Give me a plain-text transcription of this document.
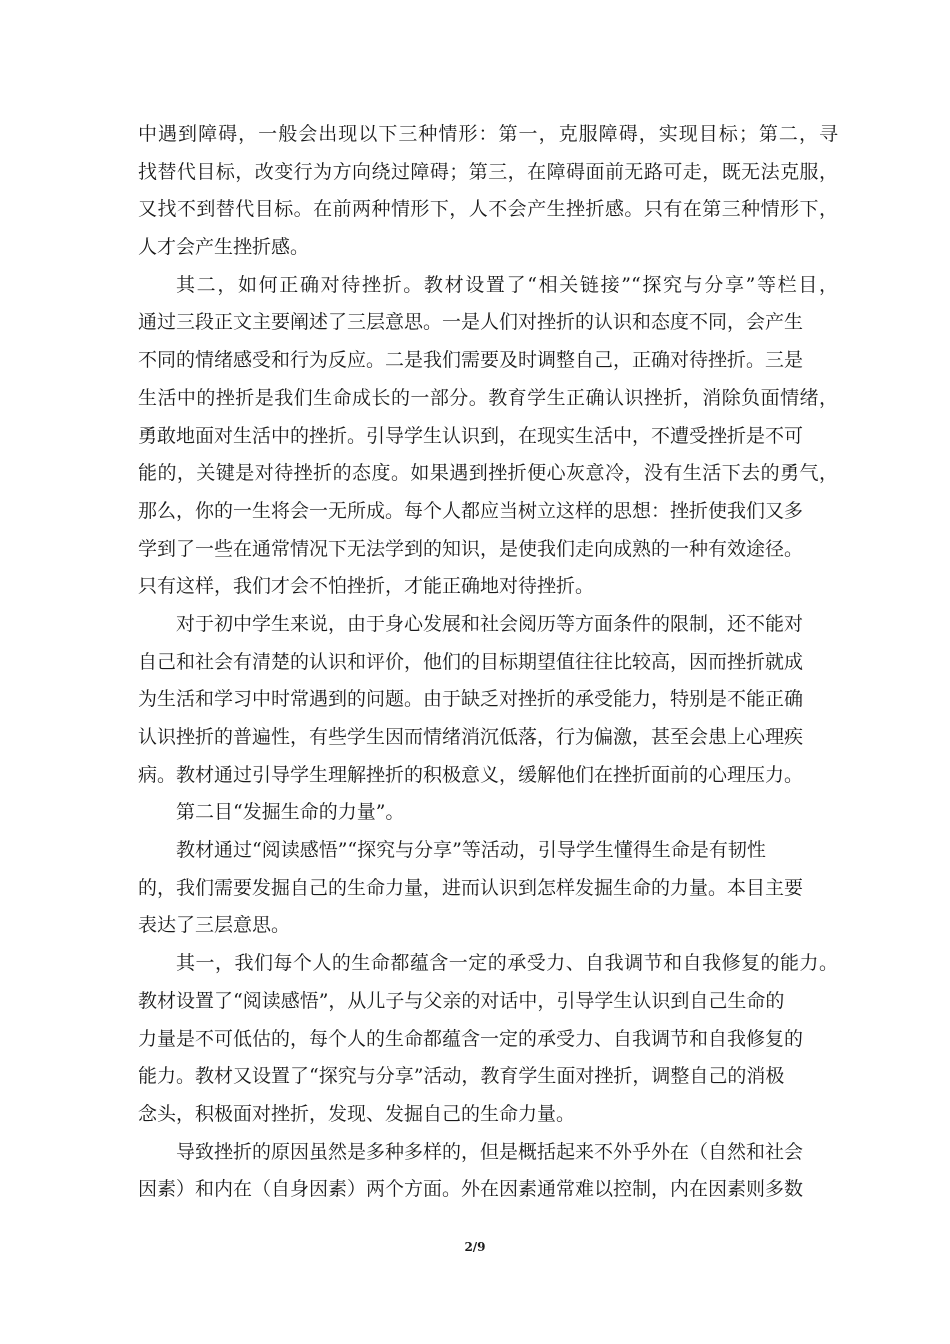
中遇到障碍，一般会出现以下三种情形：第一，克服障碍，实现目标；第二，寻
找替代目标，改变行为方向绕过障碍；第三，在障碍面前无路可走，既无法克服，
又找不到替代目标。在前两种情形下，人不会产生挫折感。只有在第三种情形下，
人才会产生挫折感。
其二，如何正确对待挫折。教材设置了“相关链接”“探究与分享”等栏目，
通过三段正文主要阐述了三层意思。一是人们对挫折的认识和态度不同，会产生
不同的情绪感受和行为反应。二是我们需要及时调整自己，正确对待挫折。三是
生活中的挫折是我们生命成长的一部分。教育学生正确认识挫折，消除负面情绪，
勇敢地面对生活中的挫折。引导学生认识到，在现实生活中，不遭受挫折是不可
能的，关键是对待挫折的态度。如果遇到挫折便心灰意冷，没有生活下去的勇气，
那么，你的一生将会一无所成。每个人都应当树立这样的思想：挫折使我们又多
学到了一些在通常情况下无法学到的知识，是使我们走向成熟的一种有效途径。
只有这样，我们才会不怕挫折，才能正确地对待挫折。
对于初中学生来说，由于身心发展和社会阅历等方面条件的限制，还不能对
自己和社会有清楚的认识和评价，他们的目标期望值往往比较高，因而挫折就成
为生活和学习中时常遇到的问题。由于缺乏对挫折的承受能力，特别是不能正确
认识挫折的普遍性，有些学生因而情绪消沉低落，行为偏激，甚至会患上心理疾
病。教材通过引导学生理解挫折的积极意义，缓解他们在挫折面前的心理压力。
第二目“发掘生命的力量”。
教材通过“阅读感悟”“探究与分享”等活动，引导学生懂得生命是有韧性
的，我们需要发掘自己的生命力量，进而认识到怎样发掘生命的力量。本目主要
表达了三层意思。
其一，我们每个人的生命都蕴含一定的承受力、自我调节和自我修复的能力。
教材设置了“阅读感悟”，从儿子与父亲的对话中，引导学生认识到自己生命的
力量是不可低估的，每个人的生命都蕴含一定的承受力、自我调节和自我修复的
能力。教材又设置了“探究与分享”活动，教育学生面对挫折，调整自己的消极
念头，积极面对挫折，发现、发掘自己的生命力量。
导致挫折的原因虽然是多种多样的，但是概括起来不外乎外在（自然和社会
因素）和内在（自身因素）两个方面。外在因素通常难以控制，内在因素则多数
2/9
